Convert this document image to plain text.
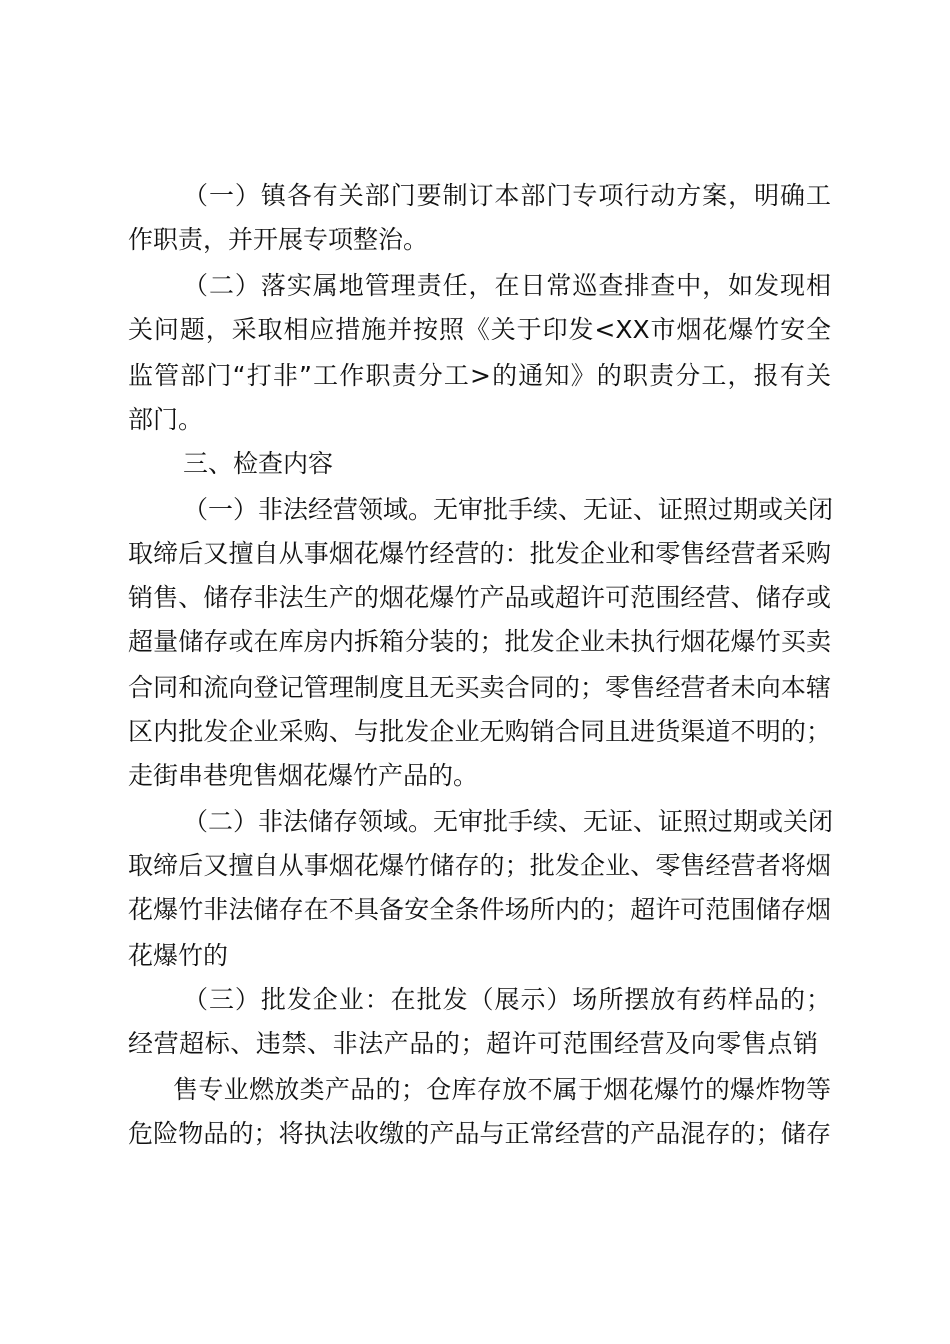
（一）镇各有关部门要制订本部门专项行动方案，明确工
作职责，并开展专项整治。
（二）落实属地管理责任，在日常巡查排查中，如发现相
关问题，采取相应措施并按照《关于印发<XX市烟花爆竹安全
监管部门“打非”工作职责分工>的通知》的职责分工，报有关
部门。
三、检查内容
（一）非法经营领域。无审批手续、无证、证照过期或关闭
取缔后又擅自从事烟花爆竹经营的：批发企业和零售经营者采购
销售、储存非法生产的烟花爆竹产品或超许可范围经营、储存或
超量储存或在库房内拆箱分装的；批发企业未执行烟花爆竹买卖
合同和流向登记管理制度且无买卖合同的；零售经营者未向本辖
区内批发企业采购、与批发企业无购销合同且进货渠道不明的；
走街串巷兜售烟花爆竹产品的。
（二）非法储存领域。无审批手续、无证、证照过期或关闭
取缔后又擅自从事烟花爆竹储存的；批发企业、零售经营者将烟
花爆竹非法储存在不具备安全条件场所内的；超许可范围储存烟
花爆竹的
（三）批发企业：在批发（展示）场所摆放有药样品的；
经营超标、违禁、非法产品的；超许可范围经营及向零售点销
售专业燃放类产品的；仓库存放不属于烟花爆竹的爆炸物等
危险物品的；将执法收缴的产品与正常经营的产品混存的；储存
